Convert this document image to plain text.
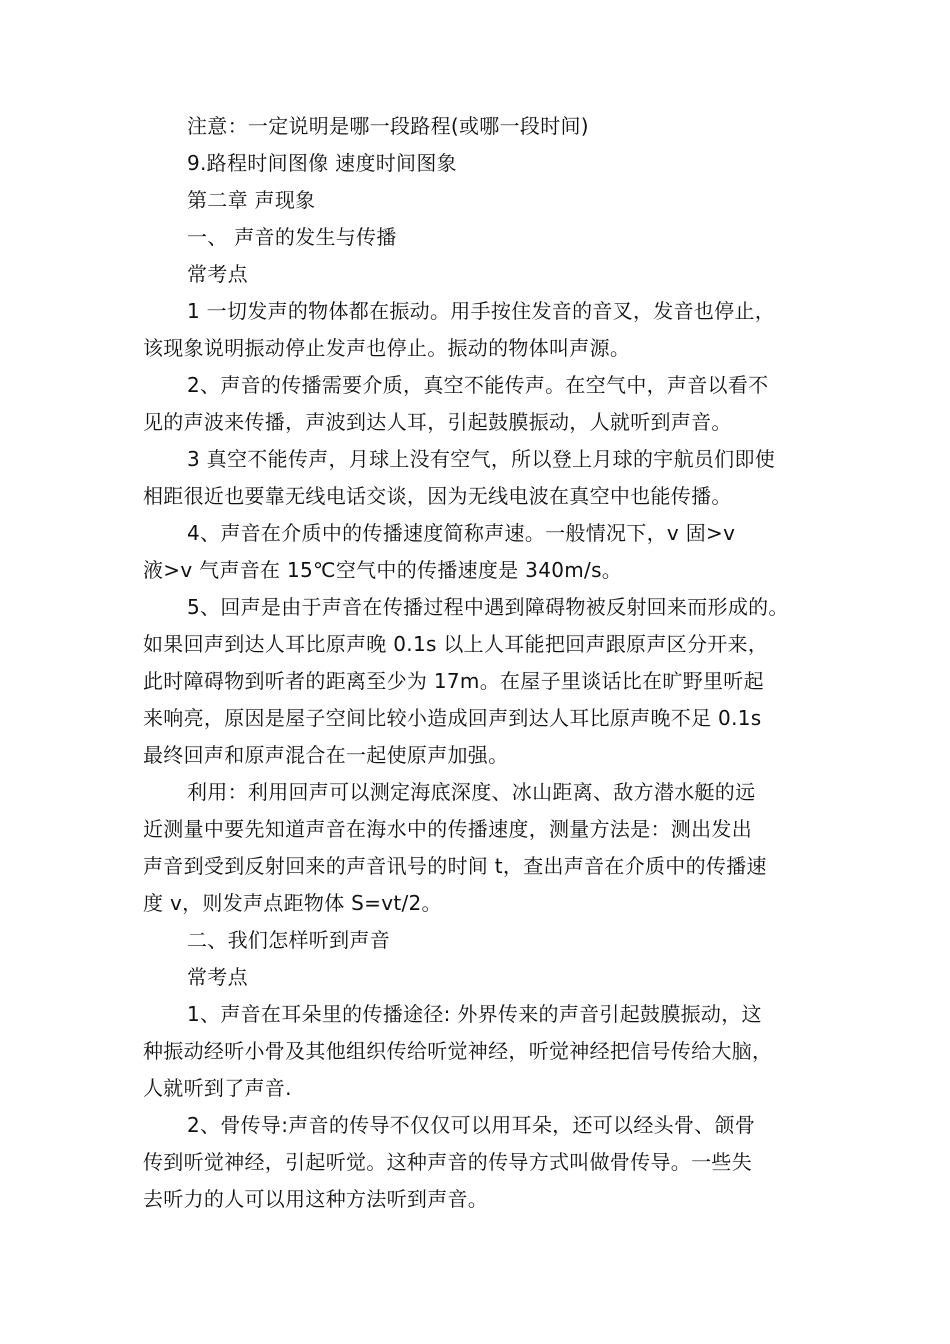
注意：一定说明是哪一段路程(或哪一段时间)
9.路程时间图像 速度时间图象
第二章 声现象
一、 声音的发生与传播
常考点
1 一切发声的物体都在振动。用手按住发音的音叉，发音也停止，
该现象说明振动停止发声也停止。振动的物体叫声源。
2、声音的传播需要介质，真空不能传声。在空气中，声音以看不
见的声波来传播，声波到达人耳，引起鼓膜振动，人就听到声音。
3 真空不能传声，月球上没有空气，所以登上月球的宇航员们即使
相距很近也要靠无线电话交谈，因为无线电波在真空中也能传播。
4、声音在介质中的传播速度简称声速。一般情况下，v 固>v
液>v 气声音在 15℃空气中的传播速度是 340m/s。
5、回声是由于声音在传播过程中遇到障碍物被反射回来而形成的。
如果回声到达人耳比原声晚 0.1s 以上人耳能把回声跟原声区分开来，
此时障碍物到听者的距离至少为 17m。在屋子里谈话比在旷野里听起
来响亮，原因是屋子空间比较小造成回声到达人耳比原声晚不足 0.1s
最终回声和原声混合在一起使原声加强。
利用：利用回声可以测定海底深度、冰山距离、敌方潜水艇的远
近测量中要先知道声音在海水中的传播速度，测量方法是：测出发出
声音到受到反射回来的声音讯号的时间 t，查出声音在介质中的传播速
度 v，则发声点距物体 S=vt/2。
二、我们怎样听到声音
常考点
1、声音在耳朵里的传播途径: 外界传来的声音引起鼓膜振动，这
种振动经听小骨及其他组织传给听觉神经，听觉神经把信号传给大脑，
人就听到了声音.
2、骨传导:声音的传导不仅仅可以用耳朵，还可以经头骨、颌骨
传到听觉神经，引起听觉。这种声音的传导方式叫做骨传导。一些失
去听力的人可以用这种方法听到声音。
